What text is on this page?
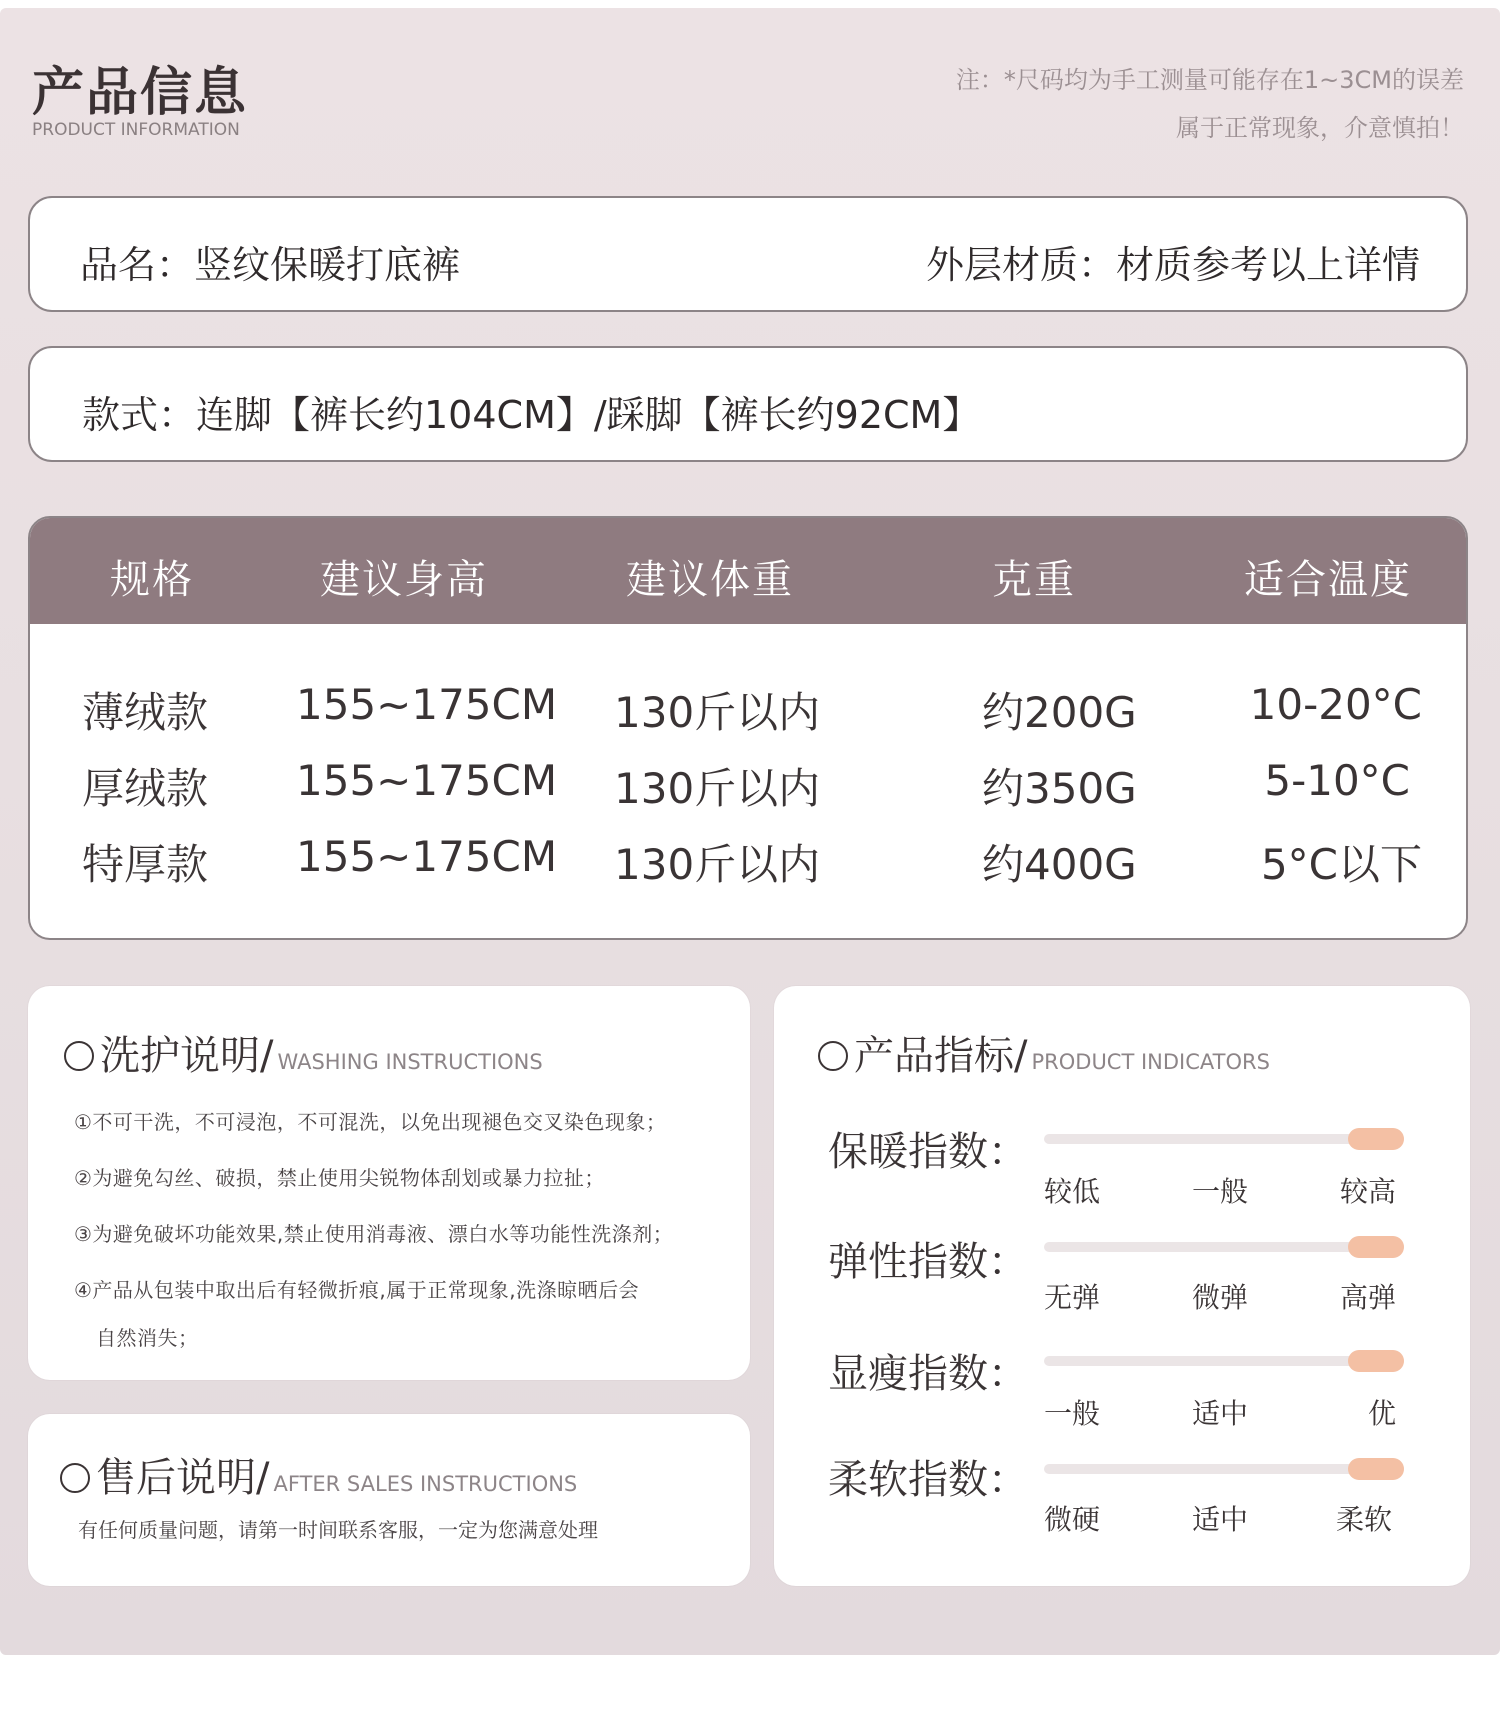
产品信息
PRODUCT INFORMATION
注：*尺码均为手工测量可能存在1~3CM的误差
属于正常现象，介意慎拍！
品名：竖纹保暖打底裤	外层材质：材质参考以上详情
款式：连脚【裤长约104CM】/踩脚【裤长约92CM】
规格	建议身高	建议体重	克重	适合温度
薄绒款 155~175CM 130斤以内	约200G	10-20°C
厚绒款 155~175CM 130斤以内	约350G	5-10°C
特厚款 155~175CM 130斤以内	约400G	5°C以下
洗护说明/ WASHING INSTRUCTIONS
①不可干洗，不可浸泡，不可混洗，以免出现褪色交叉染色现象；
②为避免勾丝、破损，禁止使用尖锐物体刮划或暴力拉扯；
③为避免破坏功能效果,禁止使用消毒液、漂白水等功能性洗涤剂；
④产品从包装中取出后有轻微折痕,属于正常现象,洗涤晾晒后会
自然消失；
售后说明/ AFTER SALES INSTRUCTIONS
有任何质量问题，请第一时间联系客服，一定为您满意处理
产品指标/ PRODUCT INDICATORS
保暖指数：
较低	一般	较高
弹性指数：
无弹	微弹	高弹
显瘦指数：
一般	适中	优
柔软指数：
微硬	适中	柔软
